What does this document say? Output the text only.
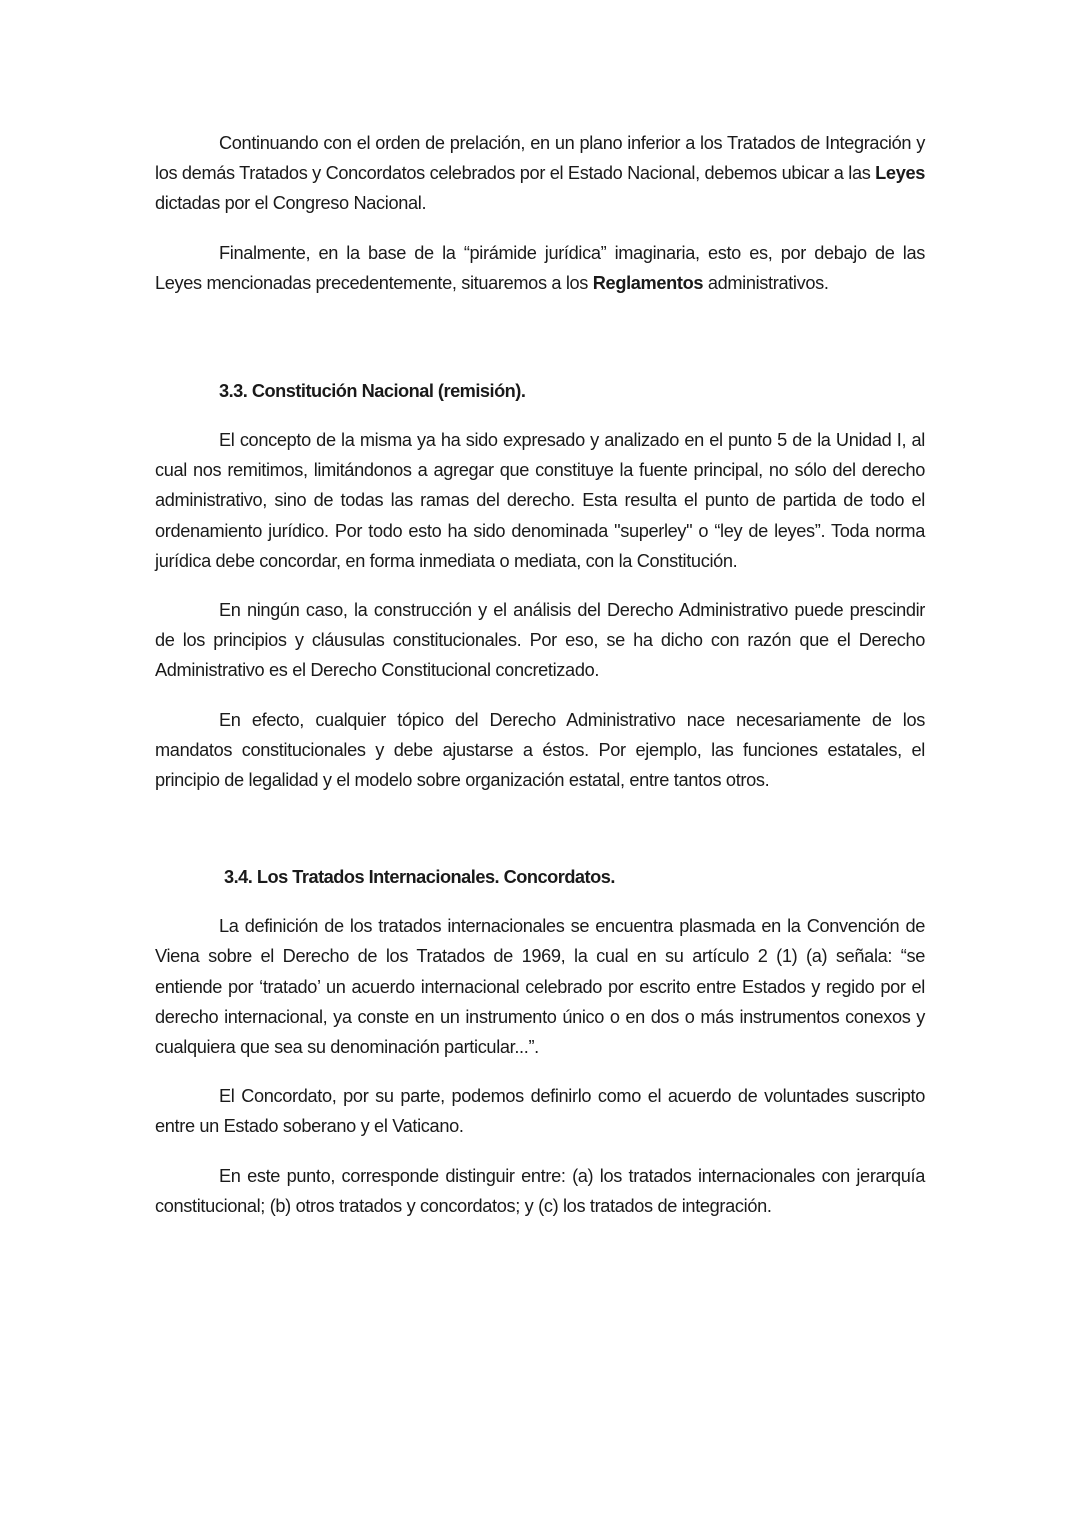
Continuando con el orden de prelación, en un plano inferior a los Tratados de Integración y los demás Tratados y Concordatos celebrados por el Estado Nacional, debemos ubicar a las Leyes dictadas por el Congreso Nacional.

Finalmente, en la base de la “pirámide jurídica” imaginaria, esto es, por debajo de las Leyes mencionadas precedentemente, situaremos a los Reglamentos administrativos.

3.3. Constitución Nacional (remisión).

El concepto de la misma ya ha sido expresado y analizado en el punto 5 de la Unidad I, al cual nos remitimos, limitándonos a agregar que constituye la fuente principal, no sólo del derecho administrativo, sino de todas las ramas del derecho. Esta resulta el punto de partida de todo el ordenamiento jurídico. Por todo esto ha sido denominada "superley" o “ley de leyes”. Toda norma jurídica debe concordar, en forma inmediata o mediata, con la Constitución.

En ningún caso, la construcción y el análisis del Derecho Administrativo puede prescindir de los principios y cláusulas constitucionales. Por eso, se ha dicho con razón que el Derecho Administrativo es el Derecho Constitucional concretizado.

En efecto, cualquier tópico del Derecho Administrativo nace necesariamente de los mandatos constitucionales y debe ajustarse a éstos. Por ejemplo, las funciones estatales, el principio de legalidad y el modelo sobre organización estatal, entre tantos otros.

3.4. Los Tratados Internacionales. Concordatos.

La definición de los tratados internacionales se encuentra plasmada en la Convención de Viena sobre el Derecho de los Tratados de 1969, la cual en su artículo 2 (1) (a) señala: “se entiende por ‘tratado’ un acuerdo internacional celebrado por escrito entre Estados y regido por el derecho internacional, ya conste en un instrumento único o en dos o más instrumentos conexos y cualquiera que sea su denominación particular...”.

El Concordato, por su parte, podemos definirlo como el acuerdo de voluntades suscripto entre un Estado soberano y el Vaticano.

En este punto, corresponde distinguir entre: (a) los tratados internacionales con jerarquía constitucional; (b) otros tratados y concordatos; y (c) los tratados de integración.
